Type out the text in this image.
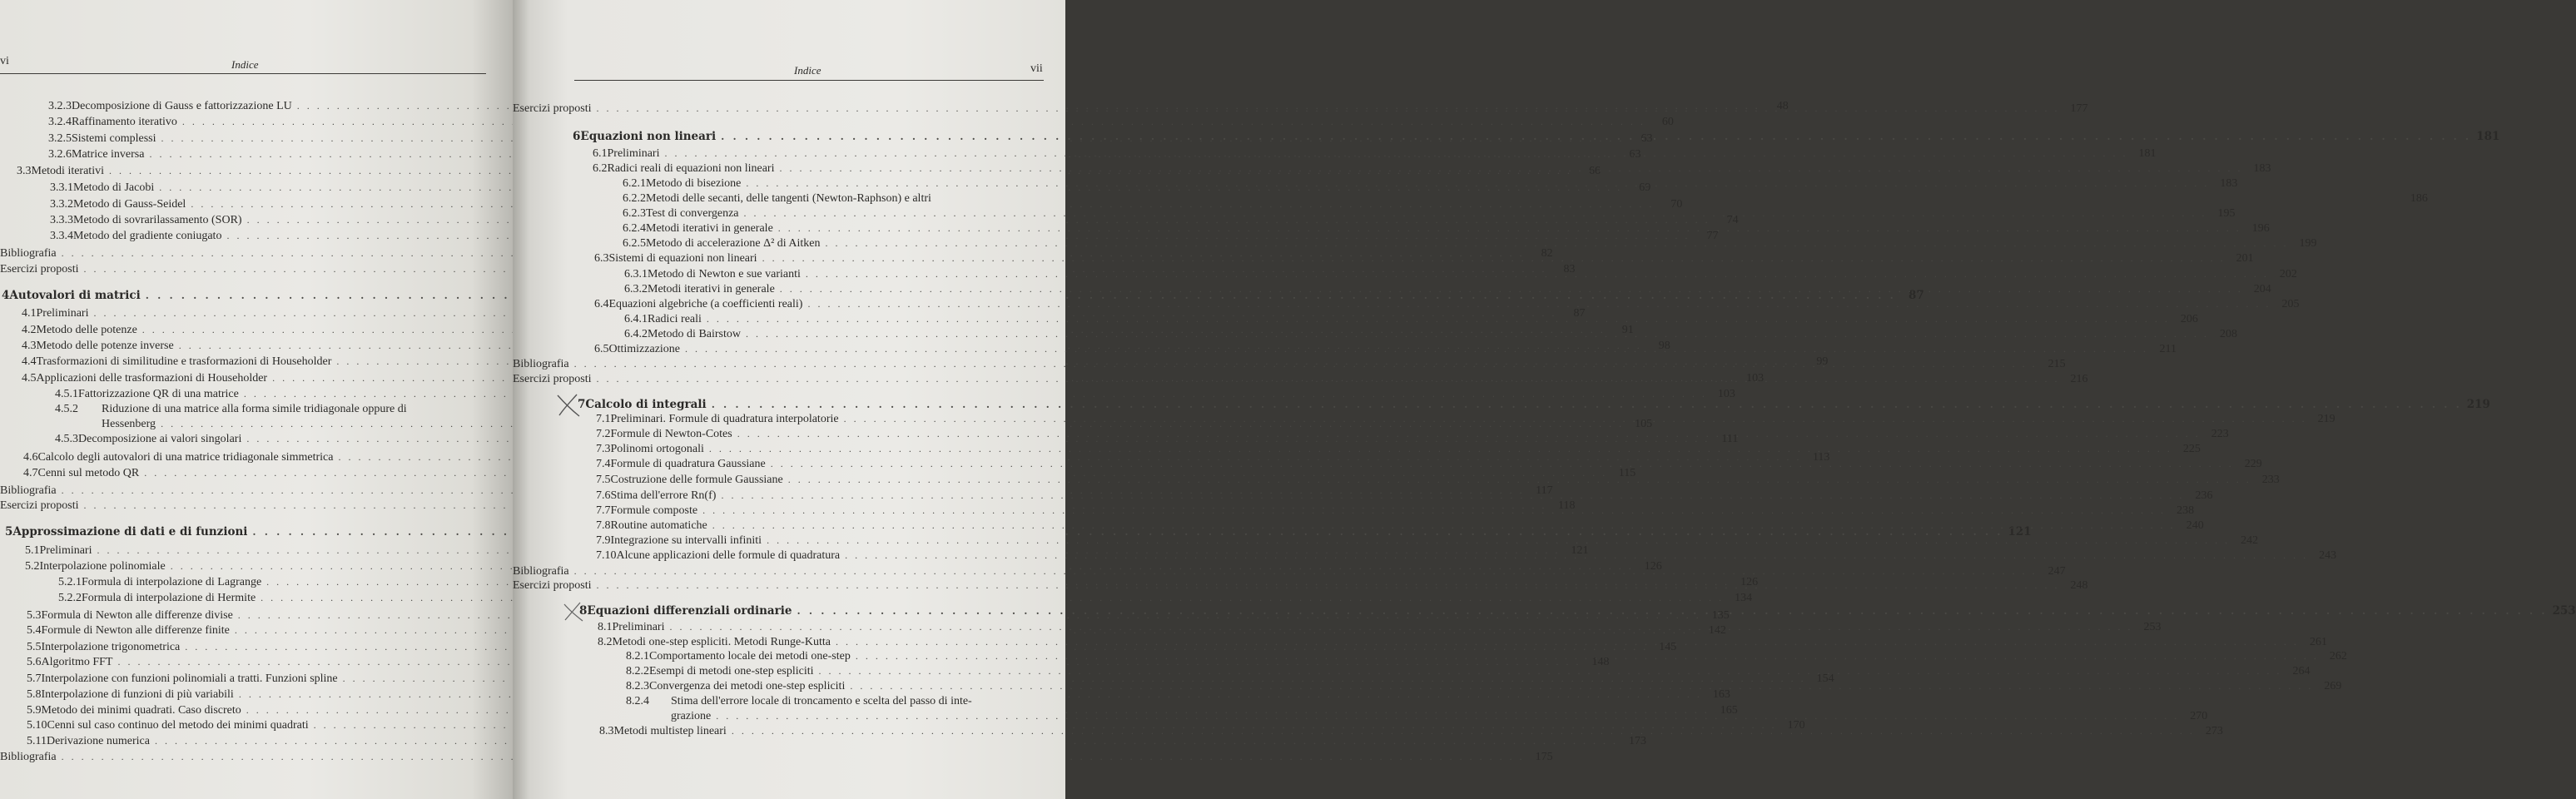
vi	Indice
3.2.3 Decomposizione di Gauss e fattorizzazione LU . . .	48
3.2.4 Raffinamento iterativo . . .	60
3.2.5 Sistemi complessi . . .	63
3.2.6 Matrice inversa . . .	63
3.3 Metodi iterativi . . .	66
3.3.1 Metodo di Jacobi . . .	69
3.3.2 Metodo di Gauss-Seidel . . .	70
3.3.3 Metodo di sovrarilassamento (SOR) . . .	74
3.3.4 Metodo del gradiente coniugato . . .	77
Bibliografia . . .	82
Esercizi proposti . . .	83
4 Autovalori di matrici . . .	87
4.1 Preliminari . . .	87
4.2 Metodo delle potenze . . .	91
4.3 Metodo delle potenze inverse . . .	98
4.4 Trasformazioni di similitudine e trasformazioni di Householder . . .	99
4.5 Applicazioni delle trasformazioni di Householder . . .	103
4.5.1 Fattorizzazione QR di una matrice . . .	103
4.5.2	Riduzione di una matrice alla forma simile tridiagonale oppure di
Hessenberg . . .	105
4.5.3 Decomposizione ai valori singolari . . .	111
4.6 Calcolo degli autovalori di una matrice tridiagonale simmetrica . . .	113
4.7 Cenni sul metodo QR . . .	115
Bibliografia . . .	117
Esercizi proposti . . .	118
5 Approssimazione di dati e di funzioni . . .	121
5.1 Preliminari . . .	121
5.2 Interpolazione polinomiale . . .	126
5.2.1 Formula di interpolazione di Lagrange . . .	126
5.2.2 Formula di interpolazione di Hermite . . .	134
5.3 Formula di Newton alle differenze divise . . .	135
5.4 Formule di Newton alle differenze finite . . .	142
5.5 Interpolazione trigonometrica . . .	145
5.6 Algoritmo FFT . . .	148
5.7 Interpolazione con funzioni polinomiali a tratti. Funzioni spline . . .	154
5.8 Interpolazione di funzioni di più variabili . . .	163
5.9 Metodo dei minimi quadrati. Caso discreto . . .	165
5.10 Cenni sul caso continuo del metodo dei minimi quadrati . . .	170
5.11 Derivazione numerica . . .	173
Bibliografia . . .	175
Indice	vii
Esercizi proposti . . .	177
6 Equazioni non lineari . . .	181
6.1 Preliminari . . .	181
6.2 Radici reali di equazioni non lineari . . .	183
6.2.1 Metodo di bisezione . . .	183
6.2.2 Metodi delle secanti, delle tangenti (Newton-Raphson) e altri	186
6.2.3 Test di convergenza . . .	195
6.2.4 Metodi iterativi in generale . . .	196
6.2.5 Metodo di accelerazione Δ² di Aitken . . .	199
6.3 Sistemi di equazioni non lineari . . .	201
6.3.1 Metodo di Newton e sue varianti . . .	202
6.3.2 Metodi iterativi in generale . . .	204
6.4 Equazioni algebriche (a coefficienti reali) . . .	205
6.4.1 Radici reali . . .	206
6.4.2 Metodo di Bairstow . . .	208
6.5 Ottimizzazione . . .	211
Bibliografia . . .	215
Esercizi proposti . . .	216
7 Calcolo di integrali . . .	219
7.1 Preliminari. Formule di quadratura interpolatorie . . .	219
7.2 Formule di Newton-Cotes . . .	223
7.3 Polinomi ortogonali . . .	225
7.4 Formule di quadratura Gaussiane . . .	229
7.5 Costruzione delle formule Gaussiane . . .	233
7.6 Stima dell'errore Rn(f) . . .	236
7.7 Formule composte . . .	238
7.8 Routine automatiche . . .	240
7.9 Integrazione su intervalli infiniti . . .	242
7.10 Alcune applicazioni delle formule di quadratura . . .	243
Bibliografia . . .	247
Esercizi proposti . . .	248
8 Equazioni differenziali ordinarie . . .	253
8.1 Preliminari . . .	253
8.2 Metodi one-step espliciti. Metodi Runge-Kutta . . .	261
8.2.1 Comportamento locale dei metodi one-step . . .	262
8.2.2 Esempi di metodi one-step espliciti . . .	264
8.2.3 Convergenza dei metodi one-step espliciti . . .	269
8.2.4	Stima dell'errore locale di troncamento e scelta del passo di inte-
grazione . . .	270
8.3 Metodi multistep lineari . . .	273
